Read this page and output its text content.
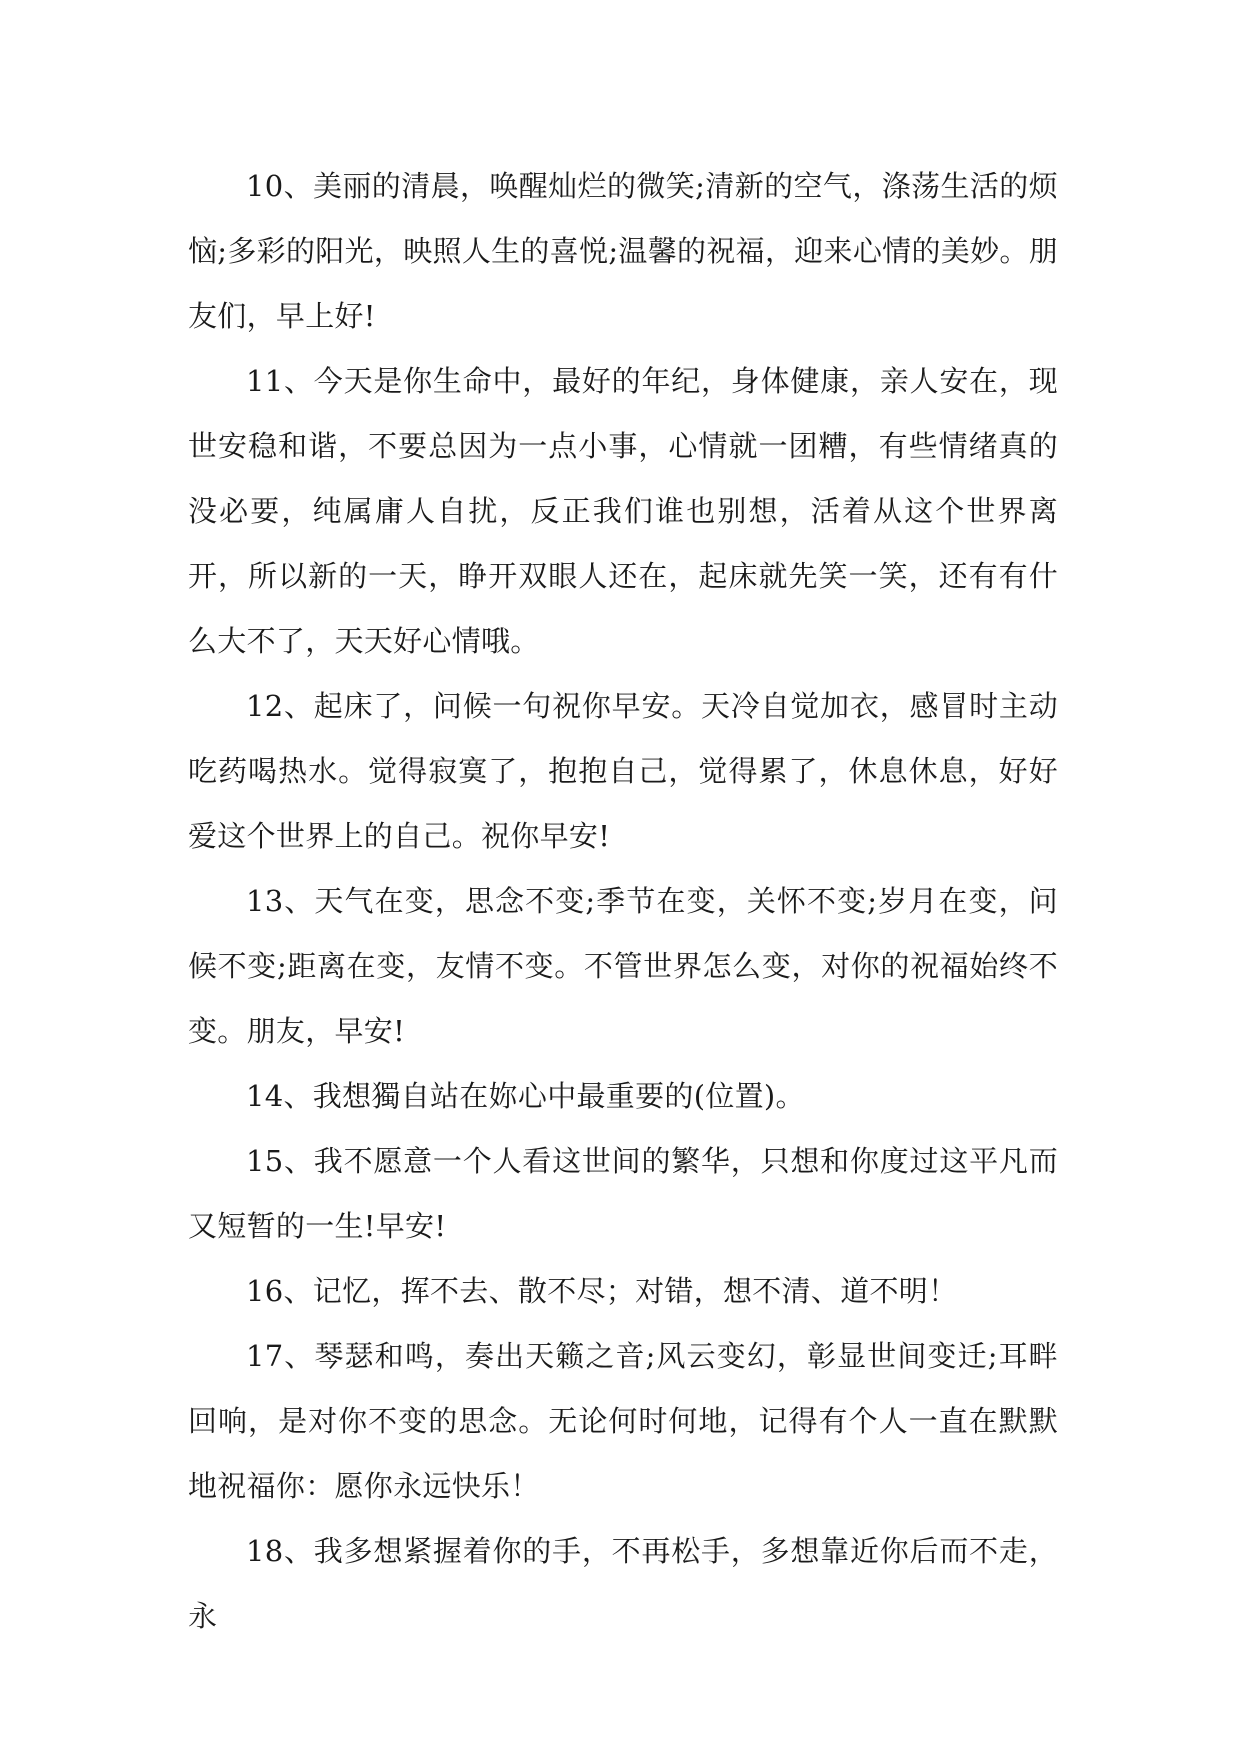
10、美丽的清晨，唤醒灿烂的微笑;清新的空气，涤荡生活的烦恼;多彩的阳光，映照人生的喜悦;温馨的祝福，迎来心情的美妙。朋友们，早上好!

11、今天是你生命中，最好的年纪，身体健康，亲人安在，现世安稳和谐，不要总因为一点小事，心情就一团糟，有些情绪真的没必要，纯属庸人自扰，反正我们谁也别想，活着从这个世界离开，所以新的一天，睁开双眼人还在，起床就先笑一笑，还有有什么大不了，天天好心情哦。

12、起床了，问候一句祝你早安。天冷自觉加衣，感冒时主动吃药喝热水。觉得寂寞了，抱抱自己，觉得累了，休息休息，好好爱这个世界上的自己。祝你早安!

13、天气在变，思念不变;季节在变，关怀不变;岁月在变，问候不变;距离在变，友情不变。不管世界怎么变，对你的祝福始终不变。朋友，早安!

14、我想獨自站在妳心中最重要的(位置)。

15、我不愿意一个人看这世间的繁华，只想和你度过这平凡而又短暂的一生!早安!

16、记忆，挥不去、散不尽；对错，想不清、道不明！

17、琴瑟和鸣，奏出天籁之音;风云变幻，彰显世间变迁;耳畔回响，是对你不变的思念。无论何时何地，记得有个人一直在默默地祝福你：愿你永远快乐！

18、我多想紧握着你的手，不再松手，多想靠近你后而不走，永
